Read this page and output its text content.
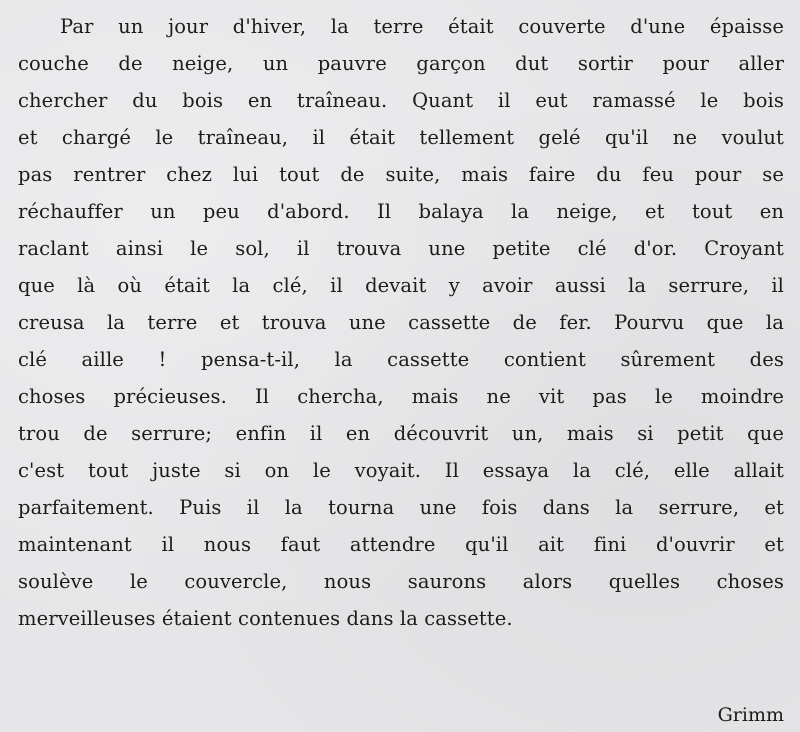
Par un jour d'hiver, la terre était couverte d'une épaisse
couche de neige, un pauvre garçon dut sortir pour aller
chercher du bois en traîneau. Quant il eut ramassé le bois
et chargé le traîneau, il était tellement gelé qu'il ne voulut
pas rentrer chez lui tout de suite, mais faire du feu pour se
réchauffer un peu d'abord. Il balaya la neige, et tout en
raclant ainsi le sol, il trouva une petite clé d'or. Croyant
que là où était la clé, il devait y avoir aussi la serrure, il
creusa la terre et trouva une cassette de fer. Pourvu que la
clé aille ! pensa-t-il, la cassette contient sûrement des
choses précieuses. Il chercha, mais ne vit pas le moindre
trou de serrure; enfin il en découvrit un, mais si petit que
c'est tout juste si on le voyait. Il essaya la clé, elle allait
parfaitement. Puis il la tourna une fois dans la serrure, et
maintenant il nous faut attendre qu'il ait fini d'ouvrir et
soulève le couvercle, nous saurons alors quelles choses
merveilleuses étaient contenues dans la cassette.
Grimm
